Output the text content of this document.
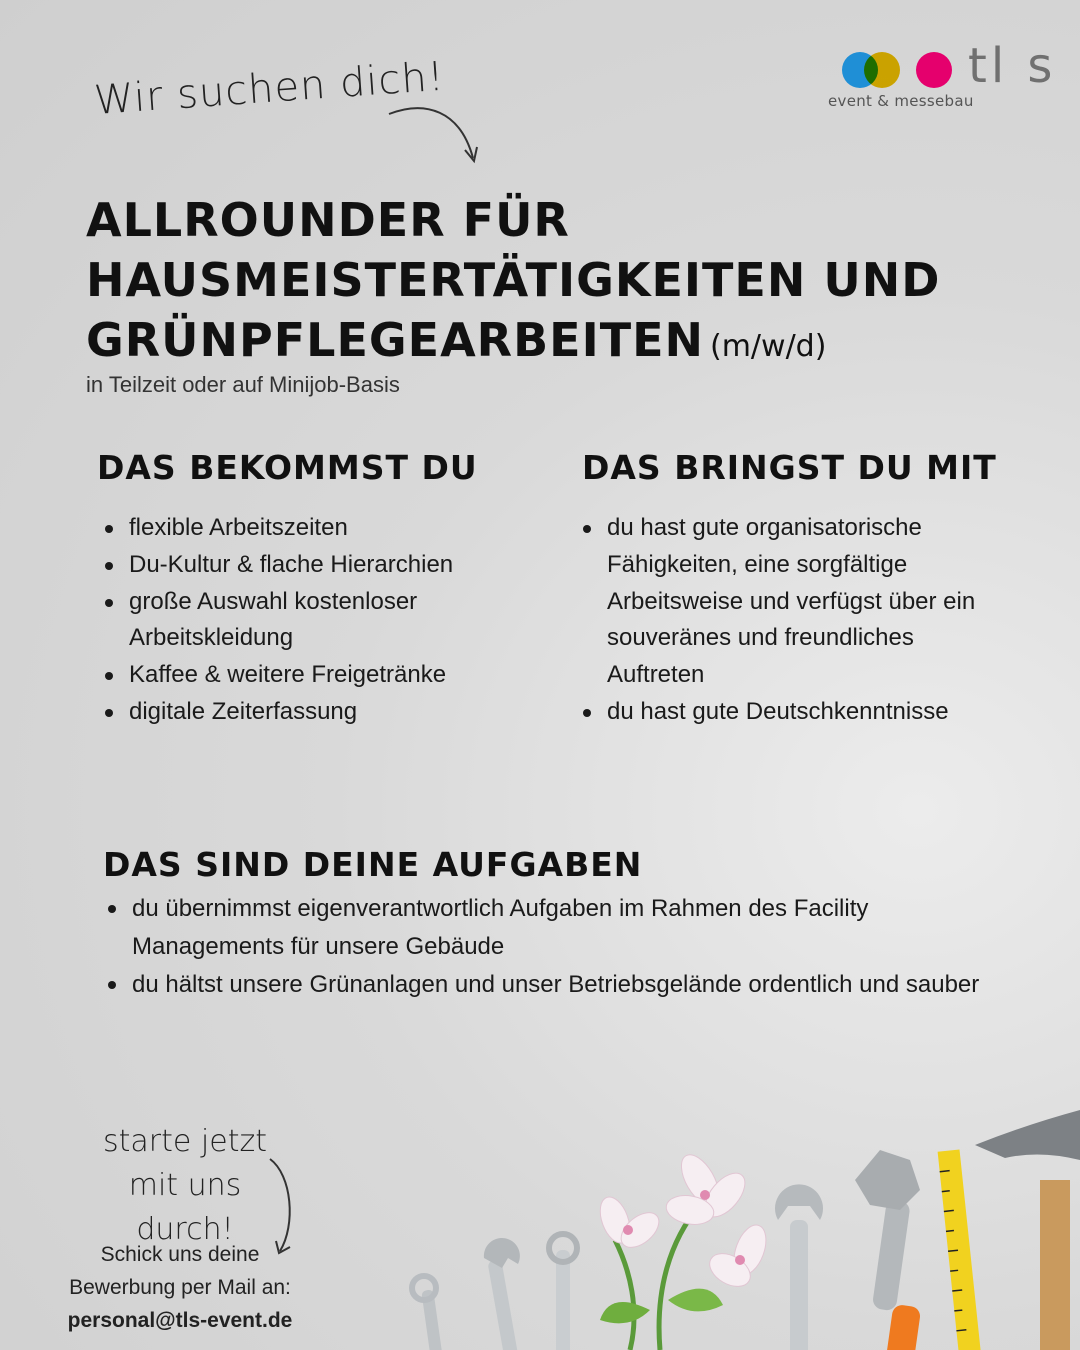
tl s
event & messebau
Wir suchen dich!
ALLROUNDER FÜR
HAUSMEISTERTÄTIGKEITEN UND
GRÜNPFLEGEARBEITEN (m/w/d)
in Teilzeit oder auf Minijob-Basis
DAS BEKOMMST DU
flexible Arbeitszeiten
Du-Kultur & flache Hierarchien
große Auswahl kostenloser Arbeitskleidung
Kaffee & weitere Freigetränke
digitale Zeiterfassung
DAS BRINGST DU MIT
du hast gute organisatorische Fähigkeiten, eine sorgfältige Arbeitsweise und verfügst über ein souveränes und freundliches Auftreten
du hast gute Deutschkenntnisse
DAS SIND DEINE AUFGABEN
du übernimmst eigenverantwortlich Aufgaben im Rahmen des Facility Managements für unsere Gebäude
du hältst unsere Grünanlagen und unser Betriebsgelände ordentlich und sauber
starte jetzt
mit uns durch!
Schick uns deine
Bewerbung per Mail an:
personal@tls-event.de
